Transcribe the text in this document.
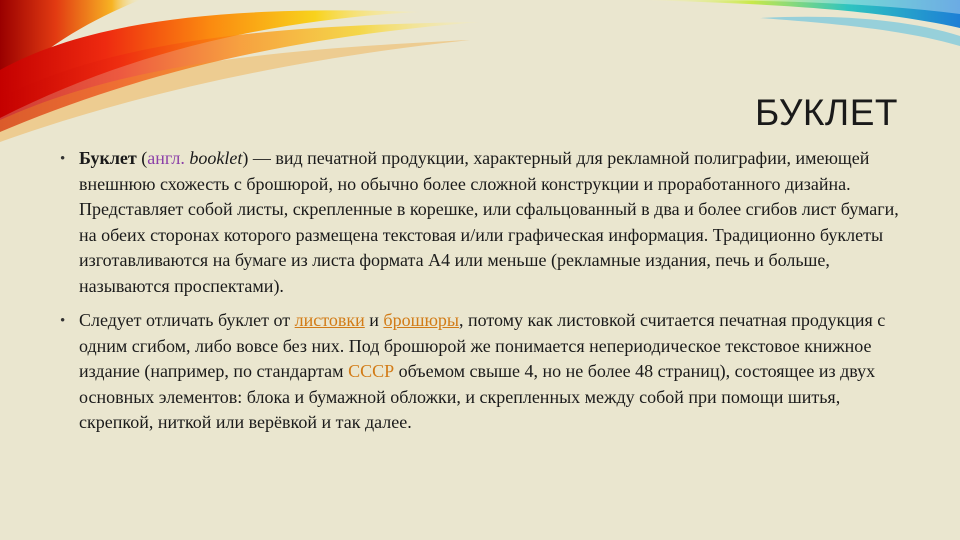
БУКЛЕТ
• Буклет (англ. booklet) — вид печатной продукции, характерный для рекламной полиграфии, имеющей внешнюю схожесть с брошюрой, но обычно более сложной конструкции и проработанного дизайна. Представляет собой листы, скрепленные в корешке, или сфальцованный в два и более сгибов лист бумаги, на обеих сторонах которого размещена текстовая и/или графическая информация. Традиционно буклеты изготавливаются на бумаге из листа формата А4 или меньше (рекламные издания, печь и больше, называются проспектами).
• Следует отличать буклет от листовки и брошюры, потому как листовкой считается печатная продукция с одним сгибом, либо вовсе без них. Под брошюрой же понимается непериодическое текстовое книжное издание (например, по стандартам СССР объемом свыше 4, но не более 48 страниц), состоящее из двух основных элементов: блока и бумажной обложки, и скрепленных между собой при помощи шитья, скрепкой, ниткой или верёвкой и так далее.
